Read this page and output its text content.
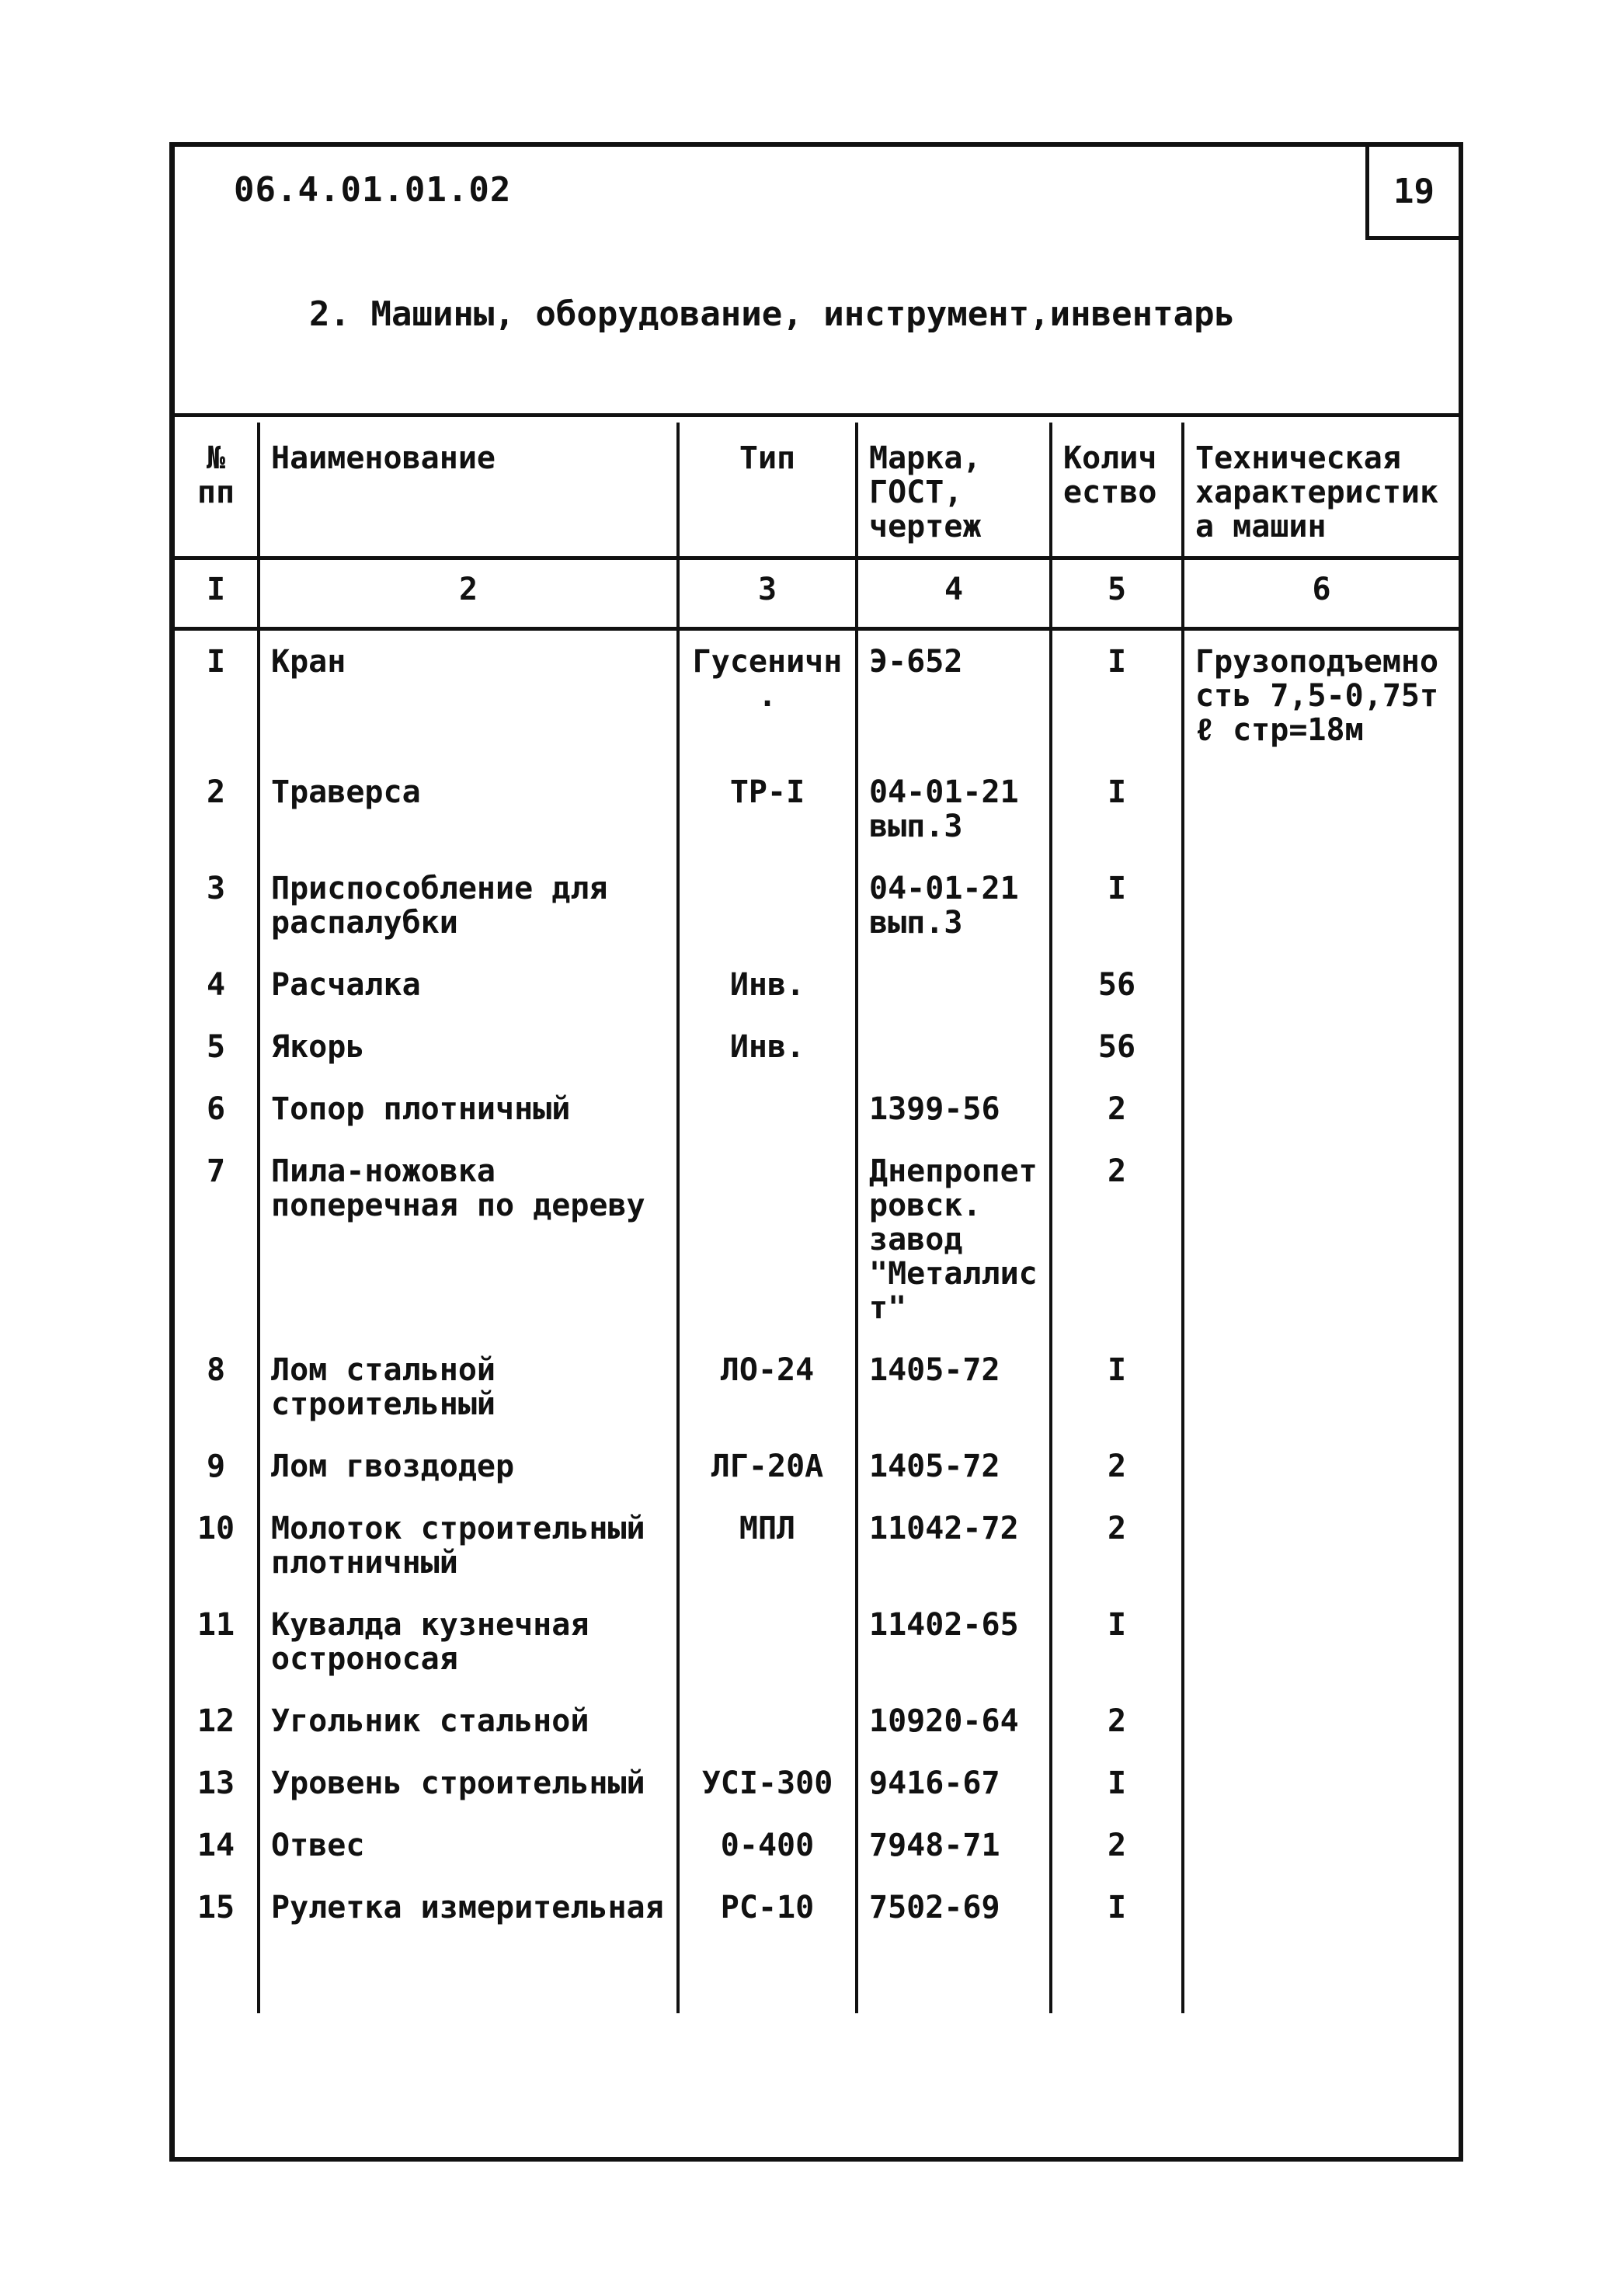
06.4.01.01.02	19
2. Машины, оборудование, инструмент,инвентарь
№ пп	Наименование	Тип	Марка, ГОСТ, чертеж	Количество	Техническая характеристика машин
I	2	3	4	5	6
I	Кран	Гусеничн.	Э-652	I	Грузоподъемность 7,5-0,75т ℓ стр=18м
2	Траверса	ТР-I	04-01-21 вып.3	I	
3	Приспособление для распалубки		04-01-21 вып.3	I	
4	Расчалка	Инв.		56	
5	Якорь	Инв.		56	
6	Топор плотничный		1399-56	2	
7	Пила-ножовка поперечная по дереву		Днепропетровск. завод "Металлист"	2	
8	Лом стальной строительный	ЛО-24	1405-72	I	
9	Лом гвоздодер	ЛГ-20А	1405-72	2	
10	Молоток строительный плотничный	МПЛ	11042-72	2	
11	Кувалда кузнечная остроносая		11402-65	I	
12	Угольник стальной		10920-64	2	
13	Уровень строительный	УСI-300	9416-67	I	
14	Отвес	0-400	7948-71	2	
15	Рулетка измерительная	РС-10	7502-69	I	
